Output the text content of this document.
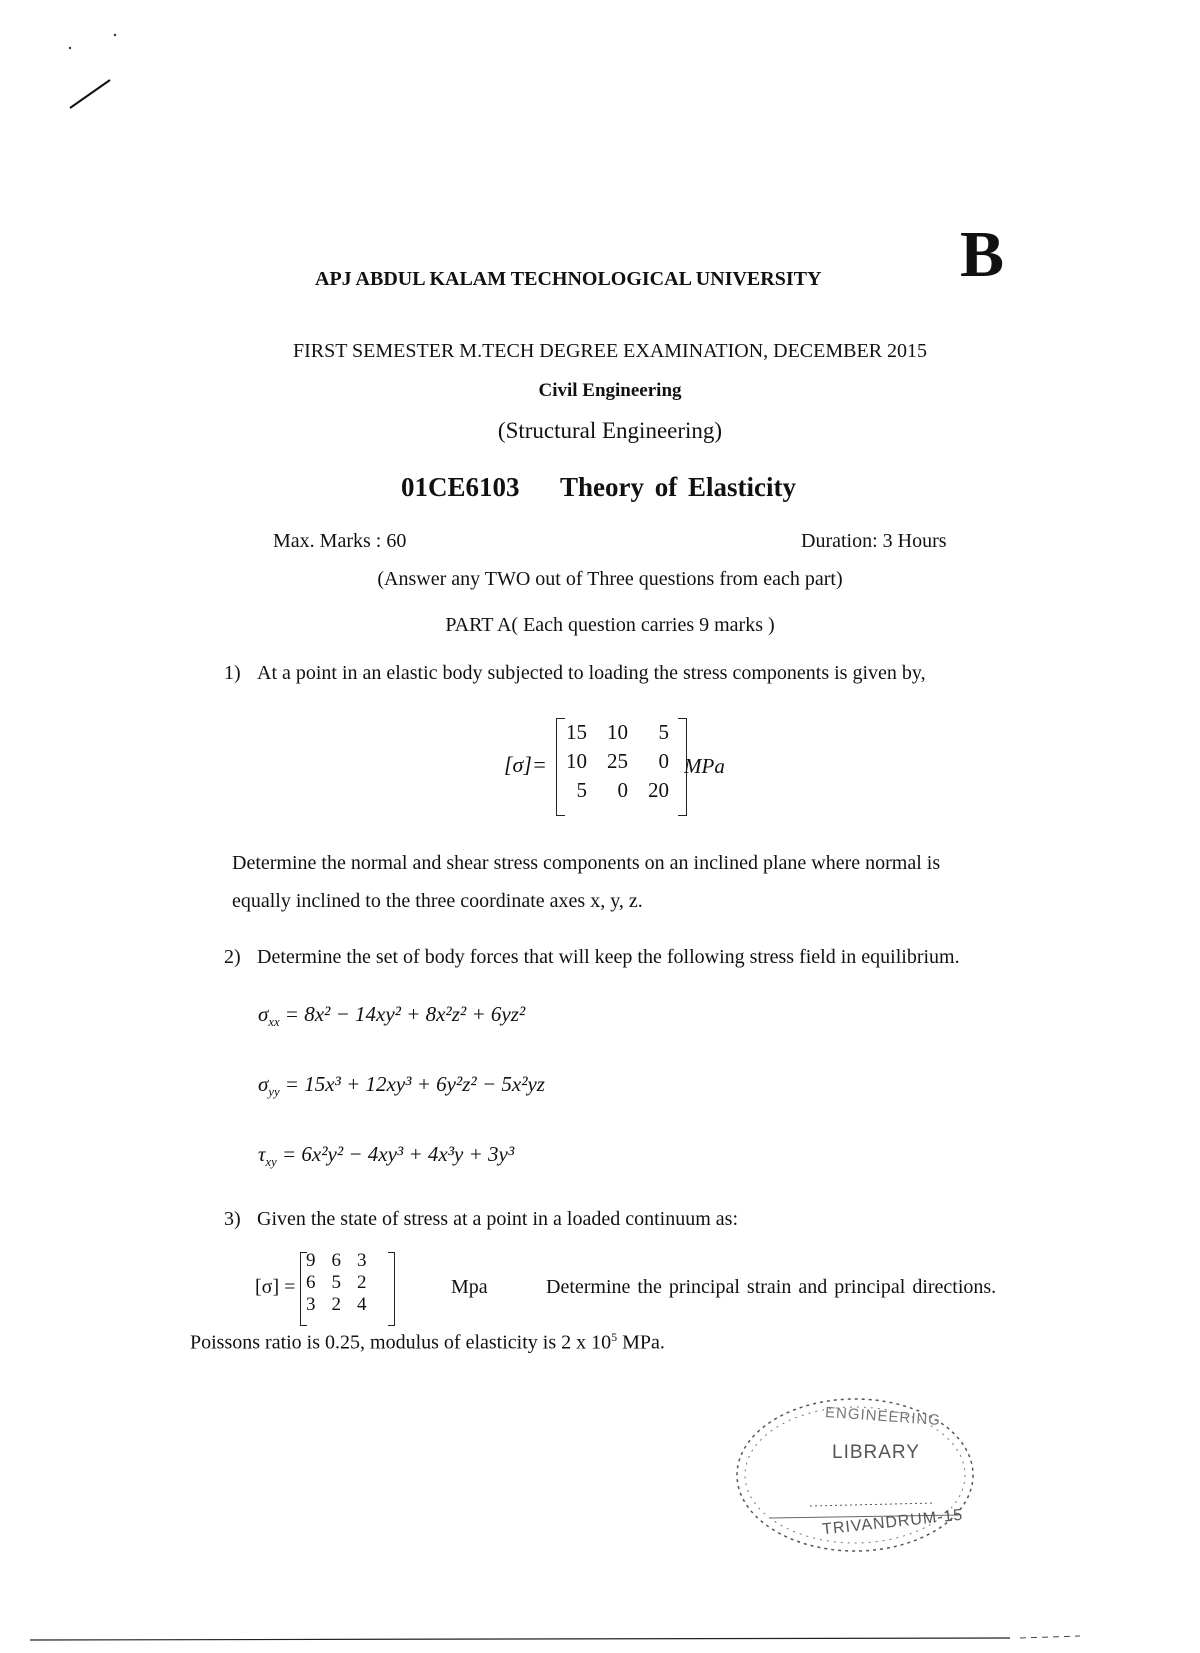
APJ ABDUL KALAM TECHNOLOGICAL UNIVERSITY B
FIRST SEMESTER M.TECH DEGREE EXAMINATION, DECEMBER 2015
Civil Engineering
(Structural Engineering)
01CE6103 Theory of Elasticity
Max. Marks : 60	Duration: 3 Hours
(Answer any TWO out of Three questions from each part)
PART A( Each question carries 9 marks )
1) At a point in an elastic body subjected to loading the stress components is given by,
[σ]=
15	10	5
10	25	0
5	0	20
MPa
Determine the normal and shear stress components on an inclined plane where normal is
equally inclined to the three coordinate axes x, y, z.
2) Determine the set of body forces that will keep the following stress field in equilibrium.
$\sigma_{xx} = 8x^2 - 14xy^2 + 8x^2z^2 + 6yz^2$
$\sigma_{yy} = 15x^3 + 12xy^3 + 6y^2z^2 - 5x^2yz$
$\tau_{xy} = 6x^2y^2 - 4xy^3 + 4x^3y + 3y^3$
3) Given the state of stress at a point in a loaded continuum as:
[σ] =
9	6	3
6	5	2
3	2	4
Mpa	Determine the principal strain and principal directions.
Poissons ratio is 0.25, modulus of elasticity is 2 x $10^5$ MPa.
ENGINEERING
LIBRARY
TRIVANDRUM-15
